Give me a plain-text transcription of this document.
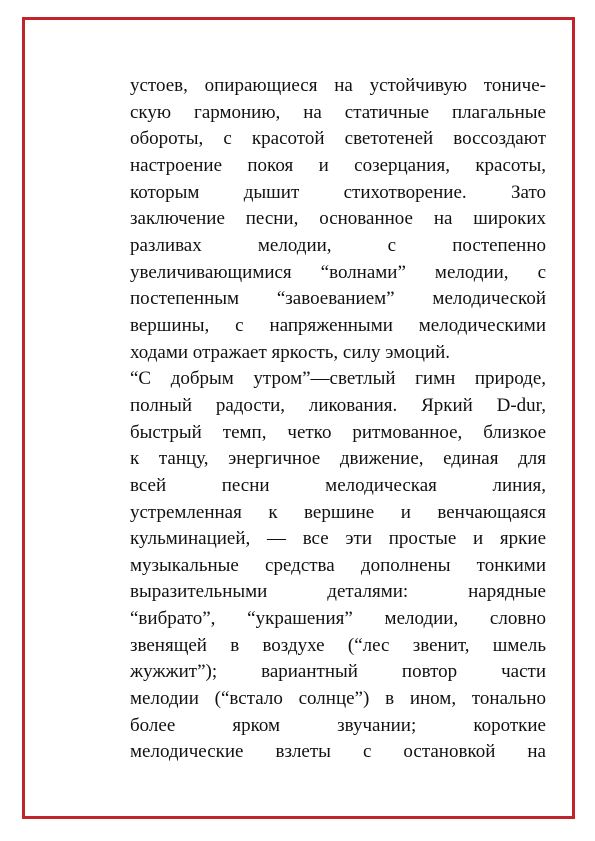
устоев, опирающиеся на устойчивую тониче-
скую гармонию, на статичные плагальные
обороты, с красотой светотеней воссоздают
настроение покоя и созерцания, красоты,
которым дышит стихотворение. Зато
заключение песни, основанное на широких
разливах мелодии, с постепенно
увеличивающимися “волнами” мелодии, с
постепенным “завоеванием” мелодической
вершины, с напряженными мелодическими
ходами отражает яркость, силу эмоций.

“С добрым утром”—светлый гимн природе,
полный радости, ликования. Яркий D-dur,
быстрый темп, четко ритмованное, близкое
к танцу, энергичное движение, единая для
всей песни мелодическая линия,
устремленная к вершине и венчающаяся
кульминацией, — все эти простые и яркие
музыкальные средства дополнены тонкими
выразительными деталями: нарядные
“вибрато”, “украшения” мелодии, словно
звенящей в воздухе (“лес звенит, шмель
жужжит”); вариантный повтор части
мелодии (“встало солнце”) в ином, тонально
более ярком звучании; короткие
мелодические взлеты с остановкой на
